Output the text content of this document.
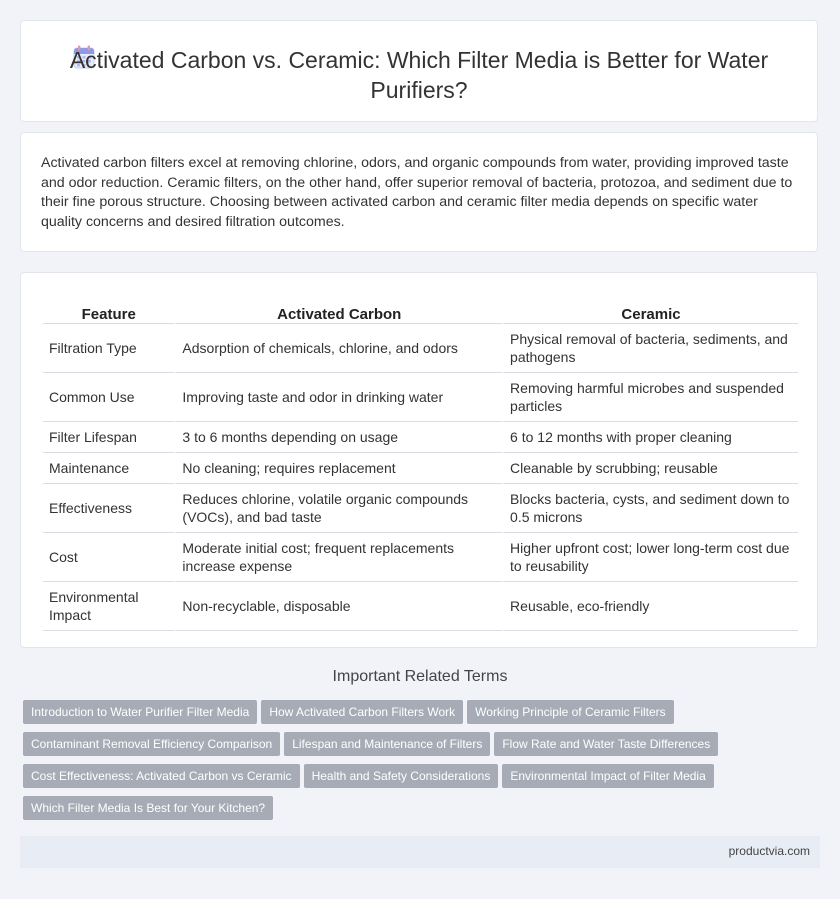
Activated Carbon vs. Ceramic: Which Filter Media is Better for Water Purifiers?

Activated carbon filters excel at removing chlorine, odors, and organic compounds from water, providing improved taste and odor reduction. Ceramic filters, on the other hand, offer superior removal of bacteria, protozoa, and sediment due to their fine porous structure. Choosing between activated carbon and ceramic filter media depends on specific water quality concerns and desired filtration outcomes.

Feature	Activated Carbon	Ceramic
Filtration Type	Adsorption of chemicals, chlorine, and odors	Physical removal of bacteria, sediments, and pathogens
Common Use	Improving taste and odor in drinking water	Removing harmful microbes and suspended particles
Filter Lifespan	3 to 6 months depending on usage	6 to 12 months with proper cleaning
Maintenance	No cleaning; requires replacement	Cleanable by scrubbing; reusable
Effectiveness	Reduces chlorine, volatile organic compounds (VOCs), and bad taste	Blocks bacteria, cysts, and sediment down to 0.5 microns
Cost	Moderate initial cost; frequent replacements increase expense	Higher upfront cost; lower long-term cost due to reusability
Environmental Impact	Non-recyclable, disposable	Reusable, eco-friendly
Important Related Terms
Introduction to Water Purifier Filter Media How Activated Carbon Filters Work Working Principle of Ceramic Filters
Contaminant Removal Efficiency Comparison Lifespan and Maintenance of Filters Flow Rate and Water Taste Differences
Cost Effectiveness: Activated Carbon vs Ceramic Health and Safety Considerations Environmental Impact of Filter Media
Which Filter Media Is Best for Your Kitchen?
productvia.com
